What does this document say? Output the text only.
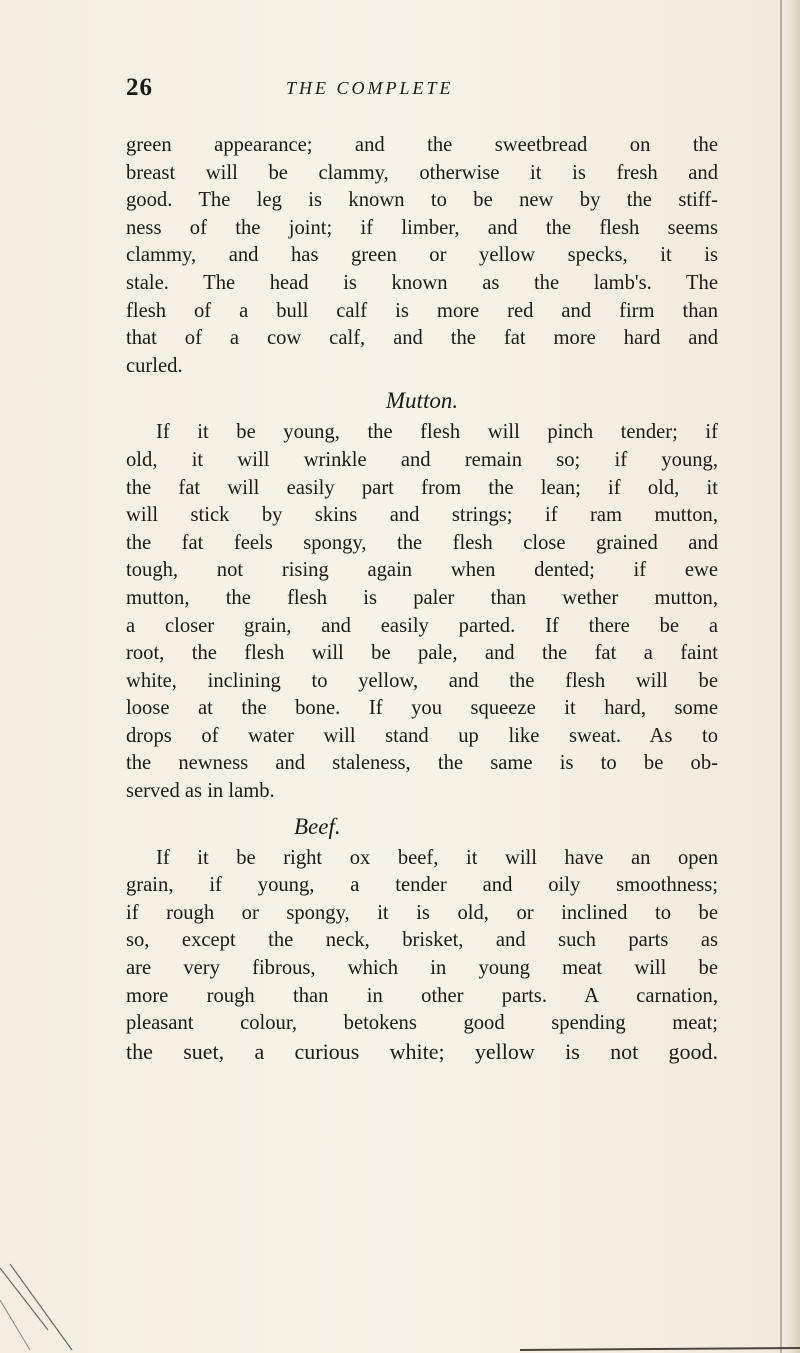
26	THE COMPLETE

green appearance; and the sweetbread on the
breast will be clammy, otherwise it is fresh and
good. The leg is known to be new by the stiff-
ness of the joint; if limber, and the flesh seems
clammy, and has green or yellow specks, it is
stale. The head is known as the lamb's. The
flesh of a bull calf is more red and firm than
that of a cow calf, and the fat more hard and
curled.

Mutton.

If it be young, the flesh will pinch tender; if
old, it will wrinkle and remain so; if young,
the fat will easily part from the lean; if old, it
will stick by skins and strings; if ram mutton,
the fat feels spongy, the flesh close grained and
tough, not rising again when dented; if ewe
mutton, the flesh is paler than wether mutton,
a closer grain, and easily parted. If there be a
root, the flesh will be pale, and the fat a faint
white, inclining to yellow, and the flesh will be
loose at the bone. If you squeeze it hard, some
drops of water will stand up like sweat. As to
the newness and staleness, the same is to be ob-
served as in lamb.

Beef.

If it be right ox beef, it will have an open
grain, if young, a tender and oily smoothness;
if rough or spongy, it is old, or inclined to be
so, except the neck, brisket, and such parts as
are very fibrous, which in young meat will be
more rough than in other parts. A carnation,
pleasant colour, betokens good spending meat;
the suet, a curious white; yellow is not good.
